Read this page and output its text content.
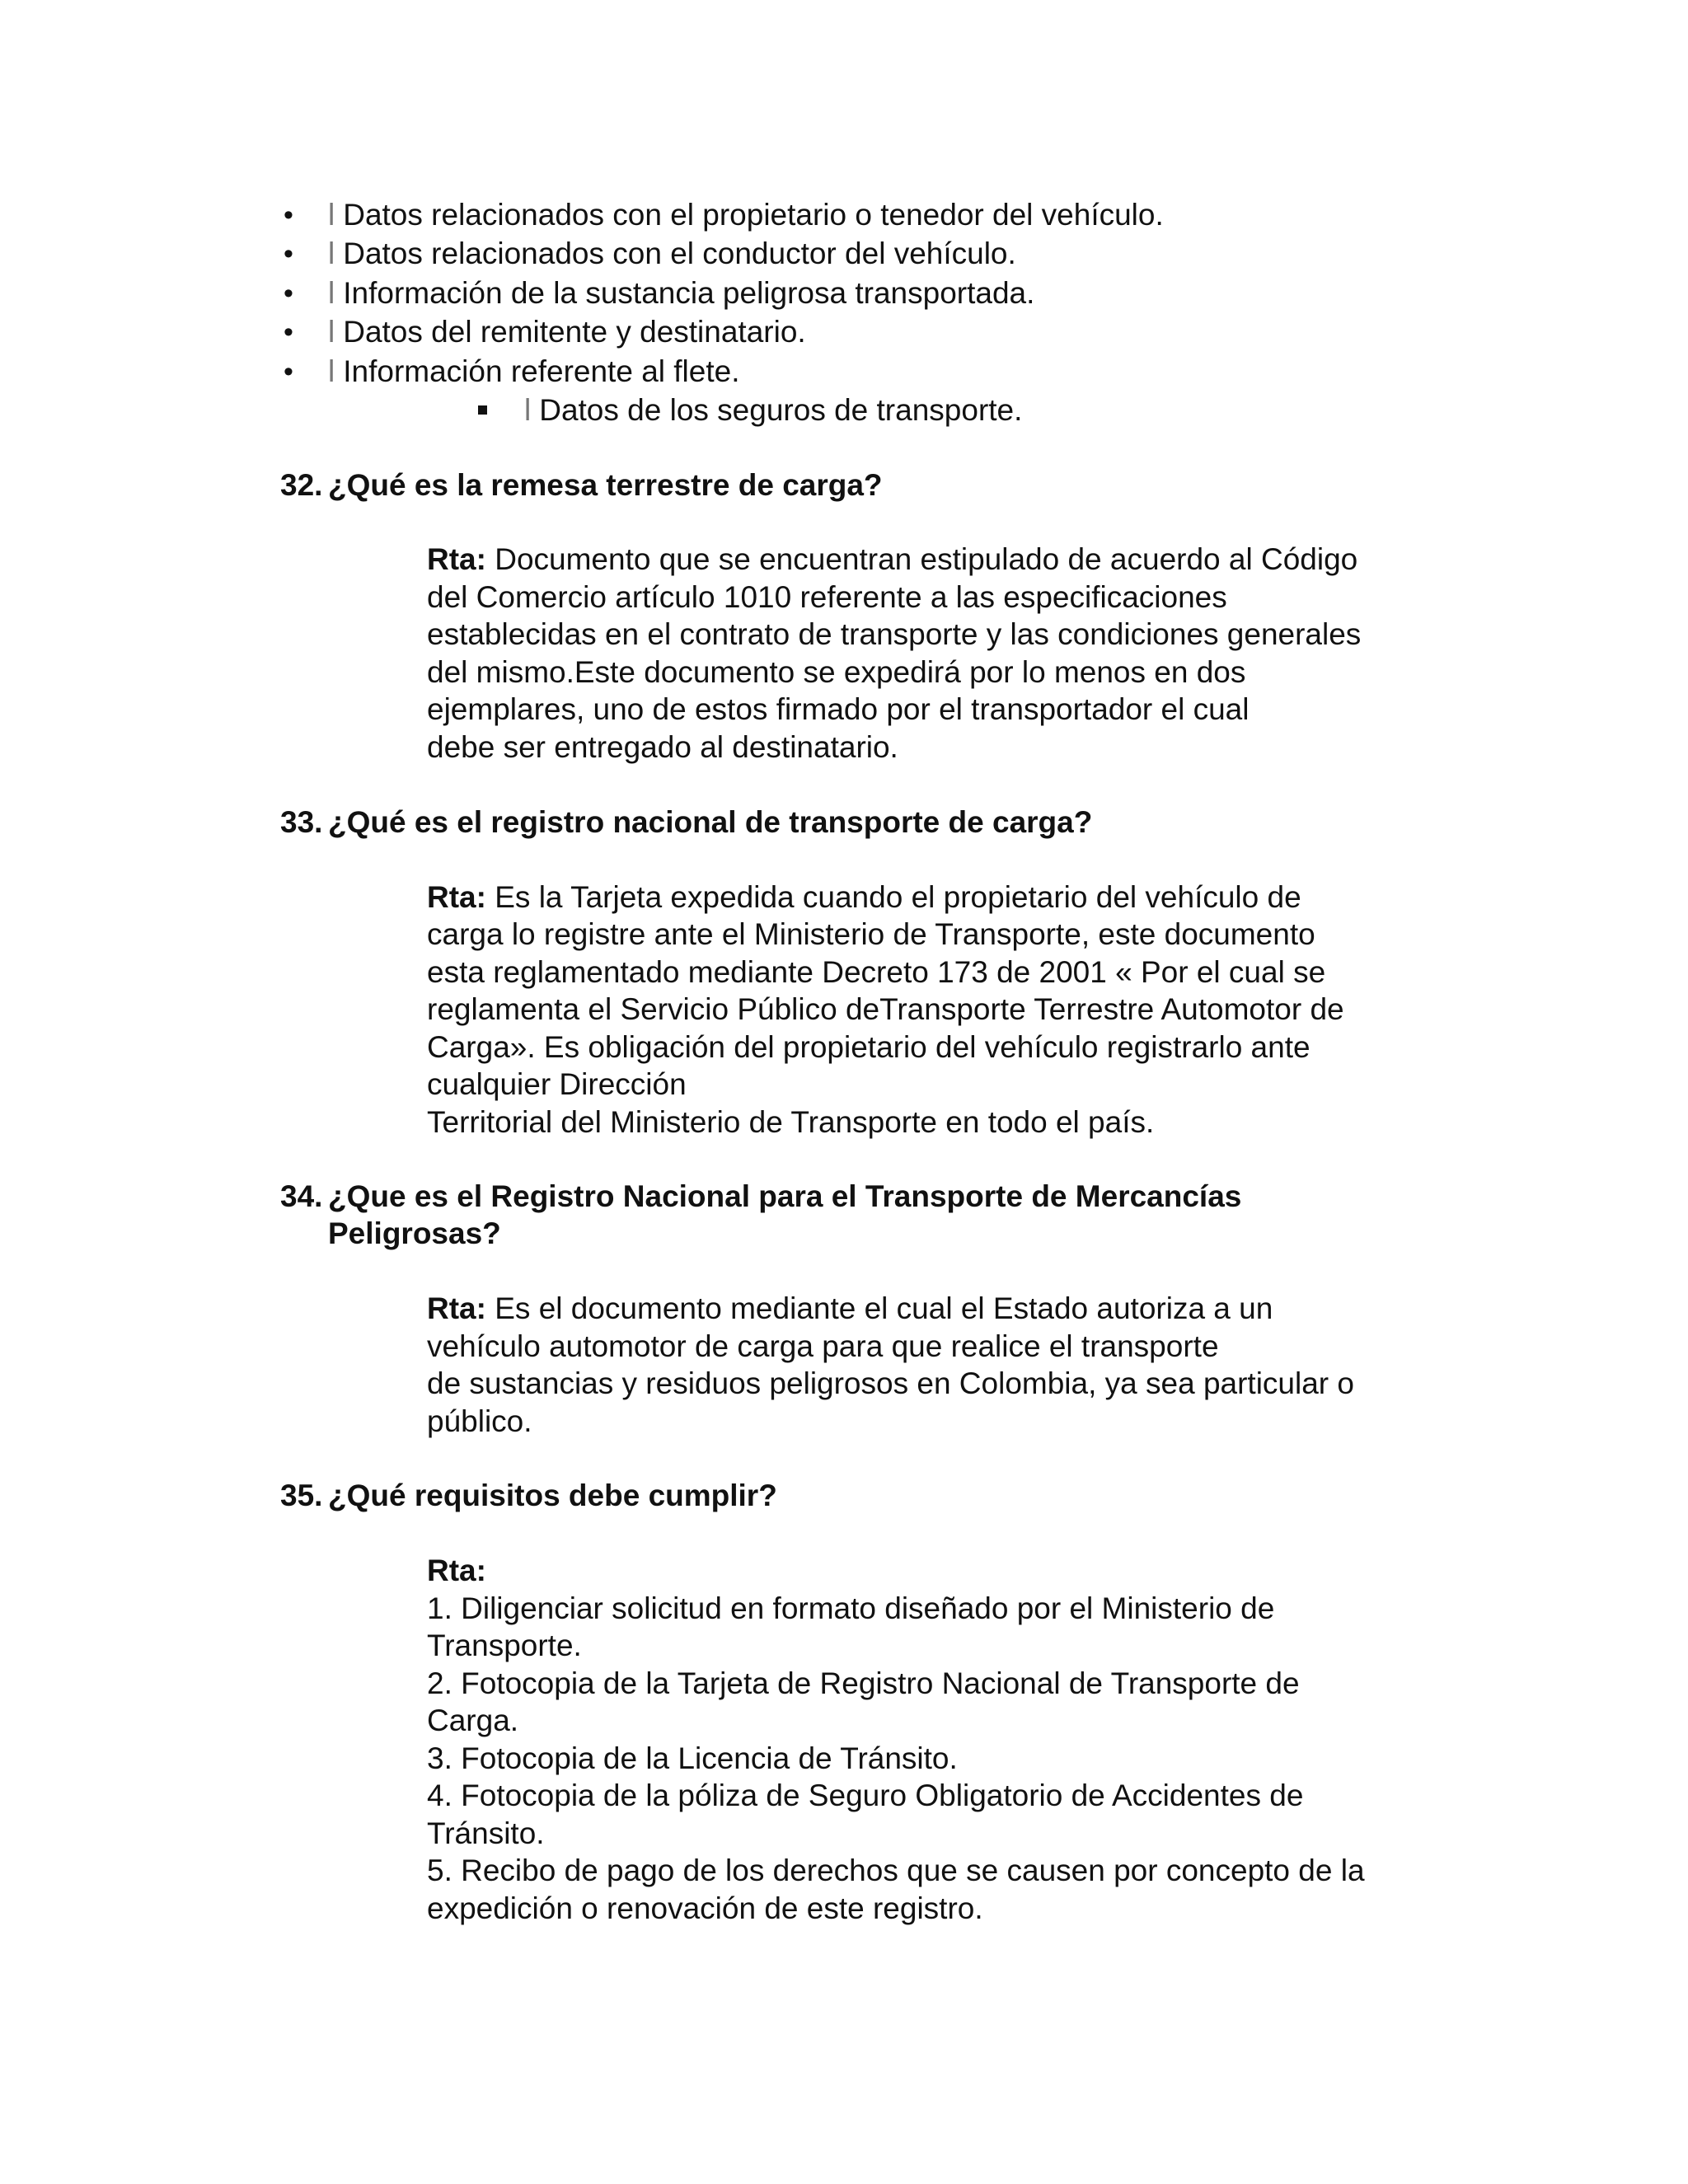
• l Datos relacionados con el propietario o tenedor del vehículo.
• l Datos relacionados con el conductor del vehículo.
• l Información de la sustancia peligrosa transportada.
• l Datos del remitente y destinatario.
• l Información referente al flete.
l Datos de los seguros de transporte.
32. ¿Qué es la remesa terrestre de carga?
Rta: Documento que se encuentran estipulado de acuerdo al Código
del Comercio artículo 1010 referente a las especificaciones
establecidas en el contrato de transporte y las condiciones generales
del mismo.Este documento se expedirá por lo menos en dos
ejemplares, uno de estos firmado por el transportador el cual
debe ser entregado al destinatario.
33. ¿Qué es el registro nacional de transporte de carga?
Rta: Es la Tarjeta expedida cuando el propietario del vehículo de
carga lo registre ante el Ministerio de Transporte, este documento
esta reglamentado mediante Decreto 173 de 2001 « Por el cual se
reglamenta el Servicio Público deTransporte Terrestre Automotor de
Carga». Es obligación del propietario del vehículo registrarlo ante
cualquier Dirección
Territorial del Ministerio de Transporte en todo el país.
34. ¿Que es el Registro Nacional para el Transporte de Mercancías
Peligrosas?
Rta: Es el documento mediante el cual el Estado autoriza a un
vehículo automotor de carga para que realice el transporte
de sustancias y residuos peligrosos en Colombia, ya sea particular o
público.
35. ¿Qué requisitos debe cumplir?
Rta:
1. Diligenciar solicitud en formato diseñado por el Ministerio de
Transporte.
2. Fotocopia de la Tarjeta de Registro Nacional de Transporte de
Carga.
3. Fotocopia de la Licencia de Tránsito.
4. Fotocopia de la póliza de Seguro Obligatorio de Accidentes de
Tránsito.
5. Recibo de pago de los derechos que se causen por concepto de la
expedición o renovación de este registro.
